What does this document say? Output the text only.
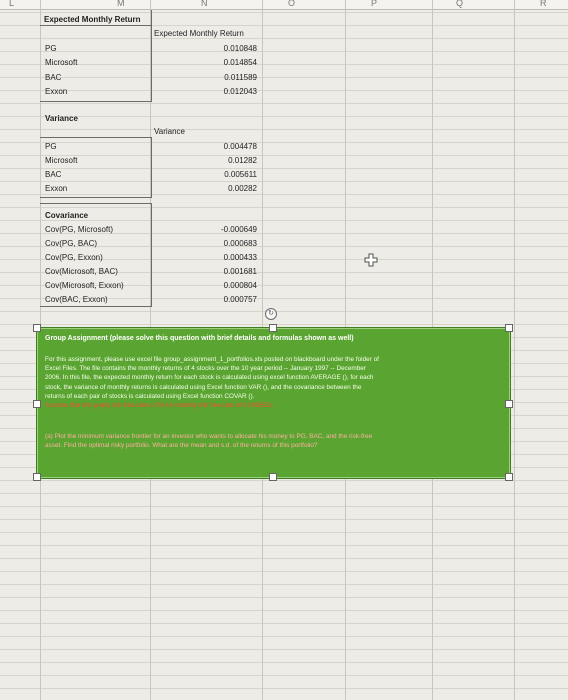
L	M	N	O	P	Q	R
Expected Monthly Return
Expected Monthly Return
PG	0.010848
Microsoft	0.014854
BAC	0.011589
Exxon	0.012043
Variance
Variance
PG	0.004478
Microsoft	0.01282
BAC	0.005611
Exxon	0.00282
Covariance
Cov(PG, Microsoft)	-0.000649
Cov(PG, BAC)	0.000683
Cov(PG, Exxon)	0.000433
Cov(Microsoft, BAC)	0.001681
Cov(Microsoft, Exxon)	0.000804
Cov(BAC, Exxon)	0.000757
↻
Group Assignment (please solve this question with brief details and formulas shown as well)
For this assignment, please use excel file group_assignment_1_portfolios.xls posted on blackboard under the folder of
Excel Files. The file contains the monthly returns of 4 stocks over the 10 year period -- January 1997 -- December
2006. In this file, the expected monthly return for each stock is calculated using excel function AVERAGE (), for each
stock, the variance of monthly returns is calculated using Excel function VAR (), and the covariance between the
returns of each pair of stocks is calculated using Excel function COVAR ().
Assume that the yearly risk free rate is 2% (A monthly risk free rate of 0.001652).
(a) Plot the minimum variance frontier for an investor who wants to allocate his money to PG, BAC, and the risk-free
asset. Find the optimal risky portfolio. What are the mean and s.d. of the returns of this portfolio?
